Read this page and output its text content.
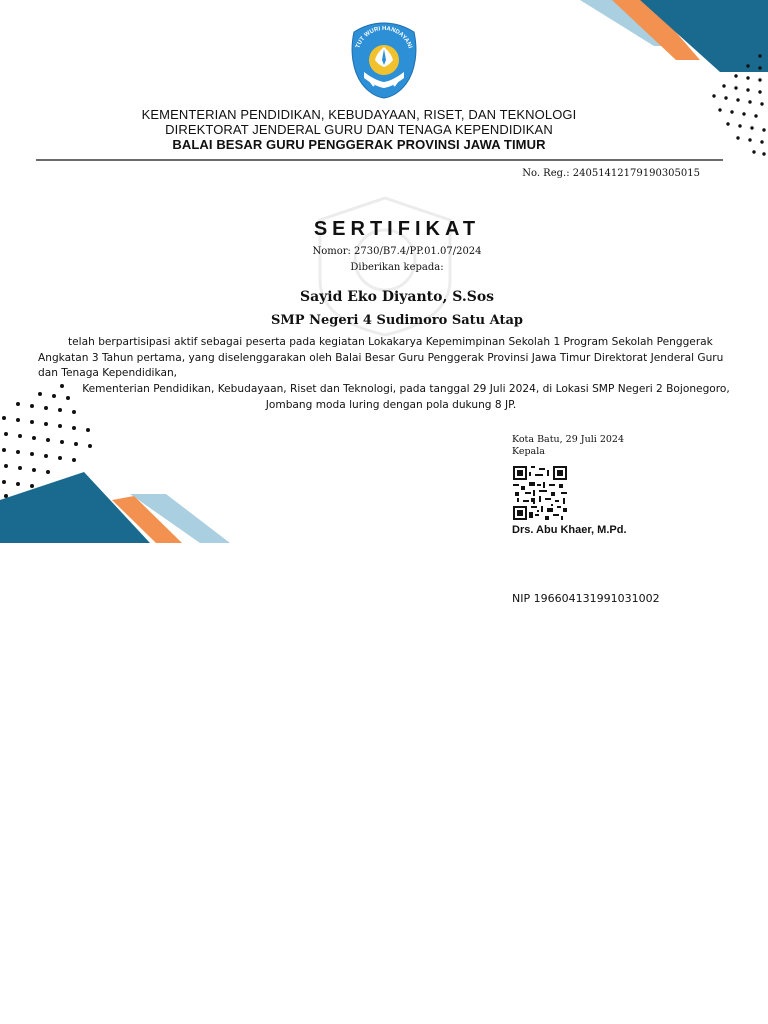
TUT WURI HANDAYANI
KEMENTERIAN PENDIDIKAN, KEBUDAYAAN, RISET, DAN TEKNOLOGI
DIREKTORAT JENDERAL GURU DAN TENAGA KEPENDIDIKAN
BALAI BESAR GURU PENGGERAK PROVINSI JAWA TIMUR
No. Reg.: 24051412179190305015
SERTIFIKAT
Nomor: 2730/B7.4/PP.01.07/2024
Diberikan kepada:
Sayid Eko Diyanto, S.Sos
SMP Negeri 4 Sudimoro Satu Atap
telah berpartisipasi aktif sebagai peserta pada kegiatan Lokakarya Kepemimpinan Sekolah 1 Program Sekolah Penggerak Angkatan 3 Tahun pertama, yang diselenggarakan oleh Balai Besar Guru Penggerak Provinsi Jawa Timur Direktorat Jenderal Guru dan Tenaga Kependidikan,
Kementerian Pendidikan, Kebudayaan, Riset dan Teknologi, pada tanggal 29 Juli 2024, di Lokasi SMP Negeri 2 Bojonegoro, Jombang moda luring dengan pola dukung 8 JP.
Kota Batu, 29 Juli 2024
Kepala
Drs. Abu Khaer, M.Pd.
NIP 196604131991031002
